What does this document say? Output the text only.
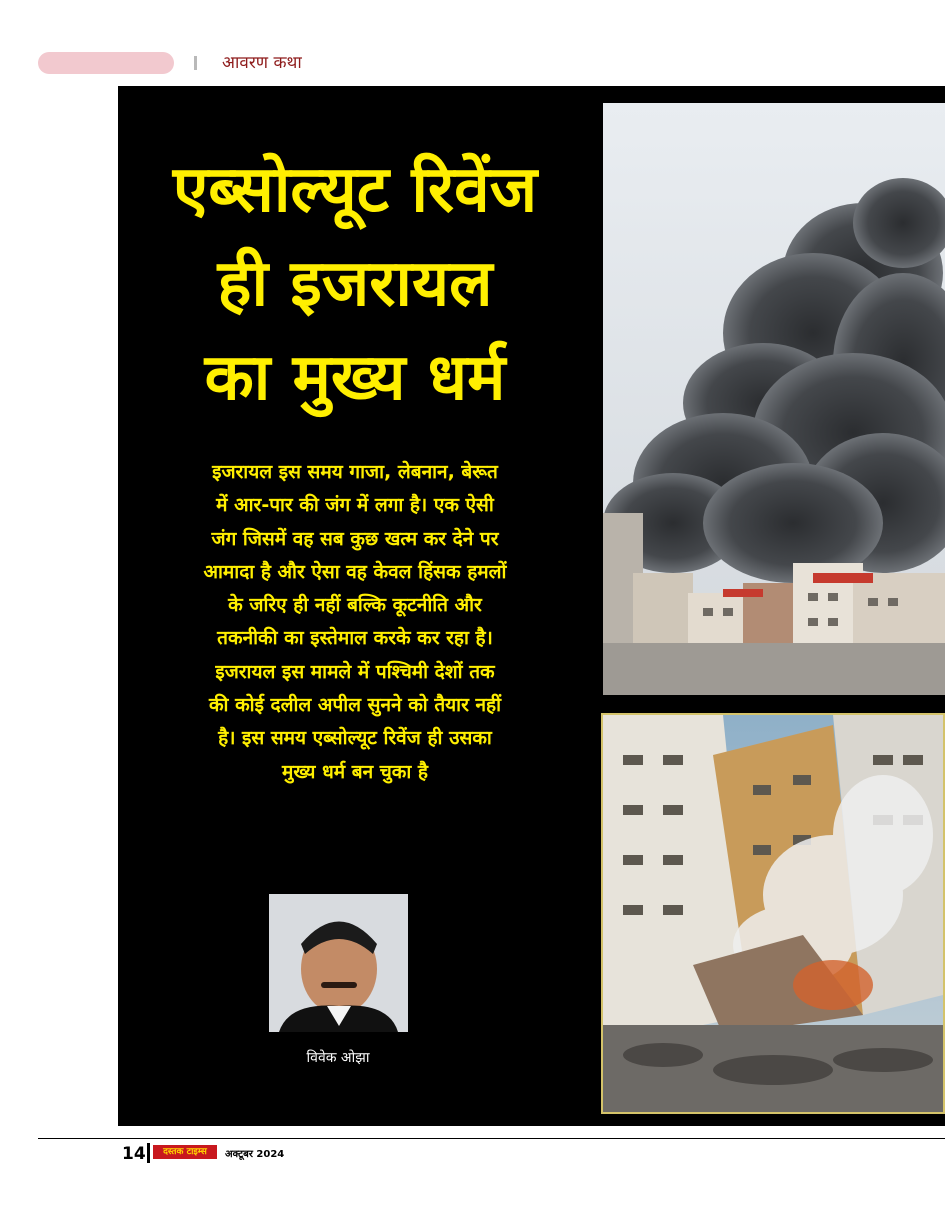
आवरण कथा
एब्सोल्यूट रिवेंज
ही इजरायल
का मुख्य धर्म
इजरायल इस समय गाजा, लेबनान, बेरूत
में आर-पार की जंग में लगा है। एक ऐसी
जंग जिसमें वह सब कुछ खत्म कर देने पर
आमादा है और ऐसा वह केवल हिंसक हमलों
के जरिए ही नहीं बल्कि कूटनीति और
तकनीकी का इस्तेमाल करके कर रहा है।
इजरायल इस मामले में पश्चिमी देशों तक
की कोई दलील अपील सुनने को तैयार नहीं
है। इस समय एब्सोल्यूट रिवेंज ही उसका
मुख्य धर्म बन चुका है
विवेक ओझा
14	दस्तक टाइम्स	अक्टूबर 2024
